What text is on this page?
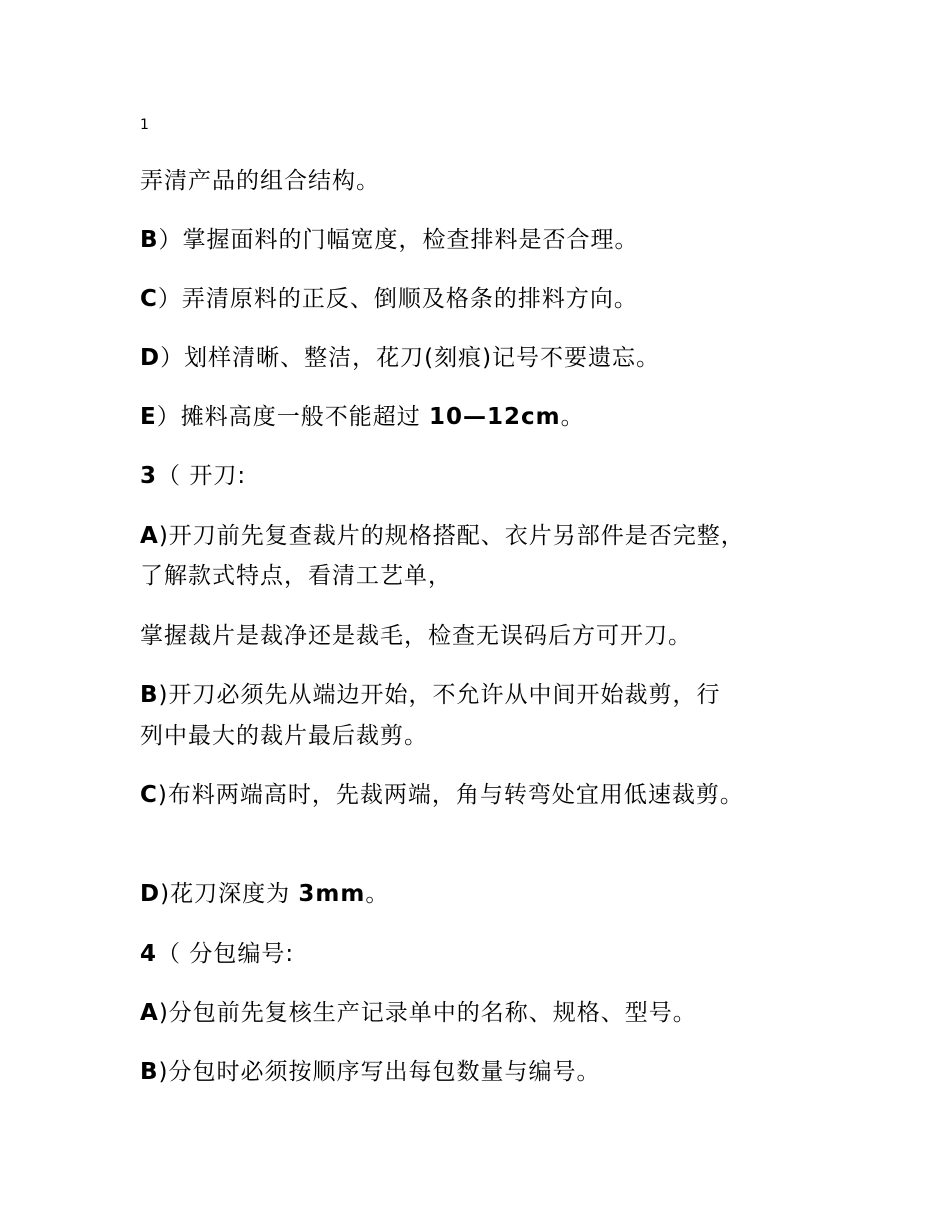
1
弄清产品的组合结构。
B）掌握面料的门幅宽度，检查排料是否合理。
C）弄清原料的正反、倒顺及格条的排料方向。
D）划样清晰、整洁，花刀(刻痕)记号不要遗忘。
E）摊料高度一般不能超过 10—12cm。
3（ 开刀:
A)开刀前先复查裁片的规格搭配、衣片另部件是否完整，
了解款式特点，看清工艺单，
掌握裁片是裁净还是裁毛，检查无误码后方可开刀。
B)开刀必须先从端边开始，不允许从中间开始裁剪，行
列中最大的裁片最后裁剪。
C)布料两端高时，先裁两端，角与转弯处宜用低速裁剪。
D)花刀深度为 3mm。
4（ 分包编号:
A)分包前先复核生产记录单中的名称、规格、型号。
B)分包时必须按顺序写出每包数量与编号。
